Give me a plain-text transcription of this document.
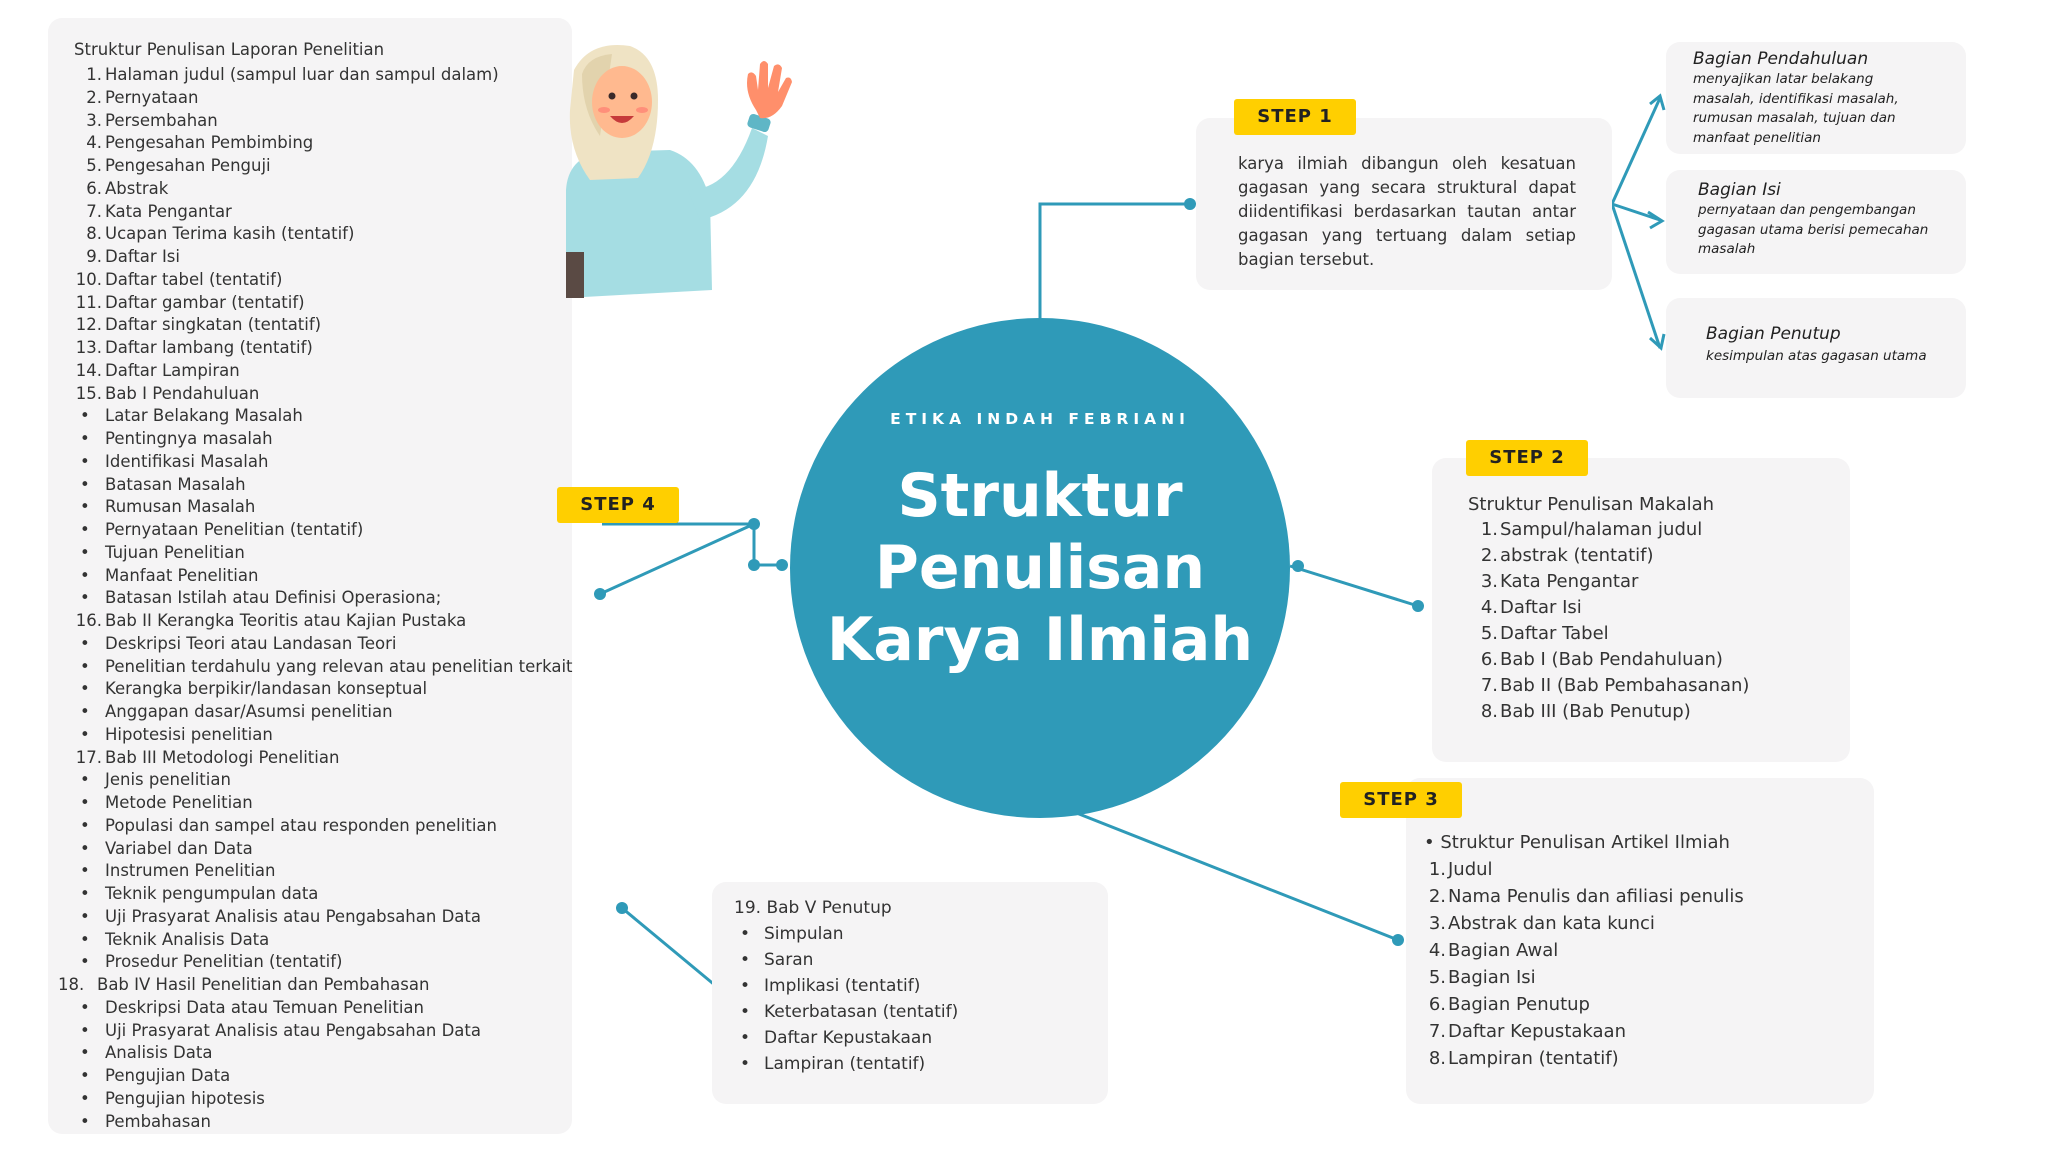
Struktur Penulisan Laporan Penelitian
1. Halaman judul (sampul luar dan sampul dalam)
2. Pernyataan
3. Persembahan
4. Pengesahan Pembimbing
5. Pengesahan Penguji
6. Abstrak
7. Kata Pengantar
8. Ucapan Terima kasih (tentatif)
9. Daftar Isi
10. Daftar tabel (tentatif)
11. Daftar gambar (tentatif)
12. Daftar singkatan (tentatif)
13. Daftar lambang (tentatif)
14. Daftar Lampiran
15. Bab I Pendahuluan
• Latar Belakang Masalah
• Pentingnya masalah
• Identifikasi Masalah
• Batasan Masalah
• Rumusan Masalah
• Pernyataan Penelitian (tentatif)
• Tujuan Penelitian
• Manfaat Penelitian
• Batasan Istilah atau Definisi Operasiona;
16. Bab II Kerangka Teoritis atau Kajian Pustaka
• Deskripsi Teori atau Landasan Teori
• Penelitian terdahulu yang relevan atau penelitian terkait
• Kerangka berpikir/landasan konseptual
• Anggapan dasar/Asumsi penelitian
• Hipotesisi penelitian
17. Bab III Metodologi Penelitian
• Jenis penelitian
• Metode Penelitian
• Populasi dan sampel atau responden penelitian
• Variabel dan Data
• Instrumen Penelitian
• Teknik pengumpulan data
• Uji Prasyarat Analisis atau Pengabsahan Data
• Teknik Analisis Data
• Prosedur Penelitian (tentatif)
18. Bab IV Hasil Penelitian dan Pembahasan
• Deskripsi Data atau Temuan Penelitian
• Uji Prasyarat Analisis atau Pengabsahan Data
• Analisis Data
• Pengujian Data
• Pengujian hipotesis
• Pembahasan
ETIKA INDAH FEBRIANI
Struktur
Penulisan
Karya Ilmiah
STEP 1
karya ilmiah dibangun oleh kesatuan gagasan yang secara struktural dapat diidentifikasi berdasarkan tautan antar gagasan yang tertuang dalam setiap bagian tersebut.
Bagian Pendahuluan
menyajikan latar belakang masalah, identifikasi masalah, rumusan masalah, tujuan dan manfaat penelitian
Bagian Isi
pernyataan dan pengembangan gagasan utama berisi pemecahan masalah
Bagian Penutup
kesimpulan atas gagasan utama
STEP 2
Struktur Penulisan Makalah
1. Sampul/halaman judul
2. abstrak (tentatif)
3. Kata Pengantar
4. Daftar Isi
5. Daftar Tabel
6. Bab I (Bab Pendahuluan)
7. Bab II (Bab Pembahasanan)
8. Bab III (Bab Penutup)
STEP 3
• Struktur Penulisan Artikel Ilmiah
1. Judul
2. Nama Penulis dan afiliasi penulis
3. Abstrak dan kata kunci
4. Bagian Awal
5. Bagian Isi
6. Bagian Penutup
7. Daftar Kepustakaan
8. Lampiran (tentatif)
STEP 4
19. Bab V Penutup
• Simpulan
• Saran
• Implikasi (tentatif)
• Keterbatasan (tentatif)
• Daftar Kepustakaan
• Lampiran (tentatif)
